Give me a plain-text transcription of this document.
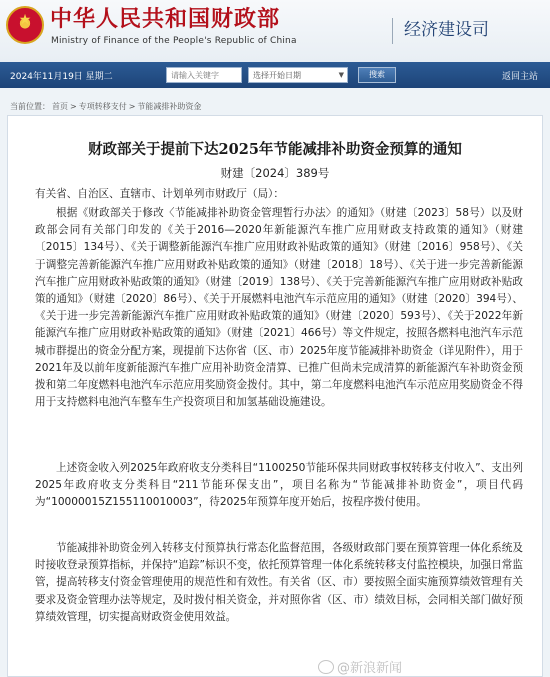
★
中华人民共和国财政部
Ministry of Finance of the People's Republic of China
经济建设司
2024年11月19日 星期二
请输入关键字	选择开始日期	▼	搜索	返回主站
当前位置： 首页 > 专项转移支付 > 节能减排补助资金
财政部关于提前下达2025年节能减排补助资金预算的通知
财建〔2024〕389号

有关省、自治区、直辖市、计划单列市财政厅（局）：

根据《财政部关于修改〈节能减排补助资金管理暂行办法〉的通知》（财建〔2023〕58号）以及财政部会同有关部门印发的《关于2016—2020年新能源汽车推广应用财政支持政策的通知》（财建〔2015〕134号）、《关于调整新能源汽车推广应用财政补贴政策的通知》（财建〔2016〕958号）、《关于调整完善新能源汽车推广应用财政补贴政策的通知》（财建〔2018〕18号）、《关于进一步完善新能源汽车推广应用财政补贴政策的通知》（财建〔2019〕138号）、《关于完善新能源汽车推广应用财政补贴政策的通知》（财建〔2020〕86号）、《关于开展燃料电池汽车示范应用的通知》（财建〔2020〕394号）、《关于进一步完善新能源汽车推广应用财政补贴政策的通知》（财建〔2020〕593号）、《关于2022年新能源汽车推广应用财政补贴政策的通知》（财建〔2021〕466号）等文件规定，按照各燃料电池汽车示范城市群提出的资金分配方案，现提前下达你省（区、市）2025年度节能减排补助资金（详见附件），用于2021年及以前年度新能源汽车推广应用补助资金清算、已推广但尚未完成清算的新能源汽车补助资金预拨和第二年度燃料电池汽车示范应用奖励资金拨付。其中，第二年度燃料电池汽车示范应用奖励资金不得用于支持燃料电池汽车整车生产投资项目和加氢基础设施建设。

上述资金收入列2025年政府收支分类科目“1100250节能环保共同财政事权转移支付收入”、支出列2025年政府收支分类科目“211节能环保支出”，项目名称为“节能减排补助资金”，项目代码为“10000015Z155110010003”，待2025年预算年度开始后，按程序拨付使用。

节能减排补助资金列入转移支付预算执行常态化监督范围，各级财政部门要在预算管理一体化系统及时接收登录预算指标，并保持“追踪”标识不变，依托预算管理一体化系统转移支付监控模块，加强日常监管，提高转移支付资金管理使用的规范性和有效性。有关省（区、市）要按照全面实施预算绩效管理有关要求及资金管理办法等规定，及时拨付相关资金，并对照你省（区、市）绩效目标，会同相关部门做好预算绩效管理，切实提高财政资金使用效益。

@新浪新闻
